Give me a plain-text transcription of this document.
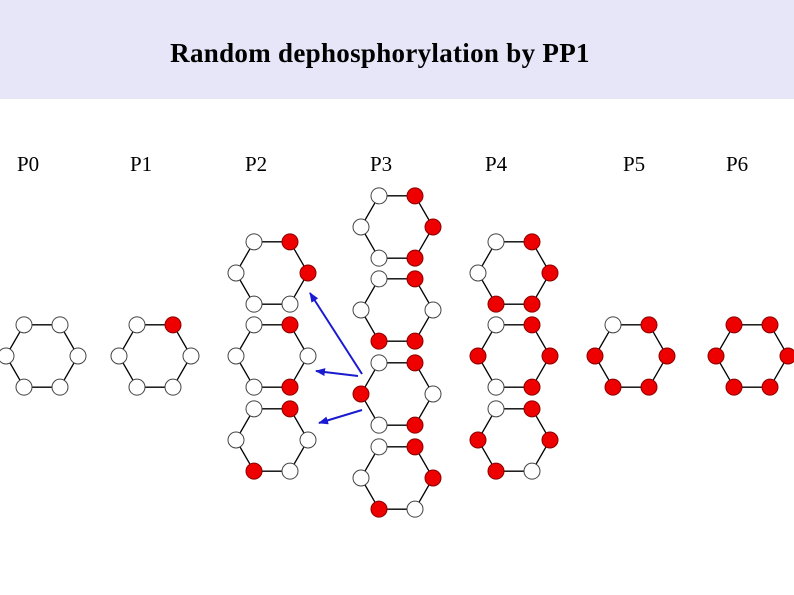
Random dephosphorylation by PP1
P0	P1	P2	P3	P4	P5	P6
